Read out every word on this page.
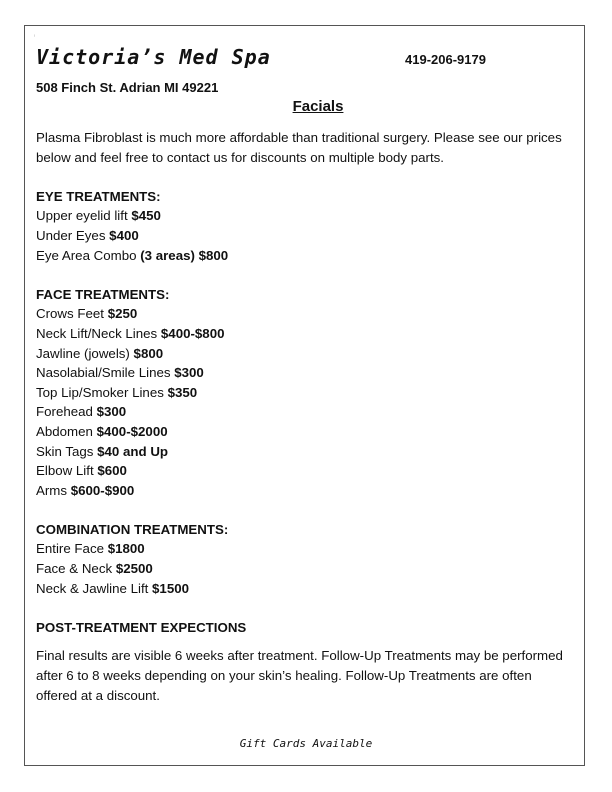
!
Victoria’s Med Spa	419-206-9179
508 Finch St. Adrian MI 49221
Facials

Plasma Fibroblast is much more affordable than traditional surgery. Please see our prices below and feel free to contact us for discounts on multiple body parts.

EYE TREATMENTS:

Upper eyelid lift $450

Under Eyes $400

Eye Area Combo (3 areas) $800

FACE TREATMENTS:

Crows Feet $250

Neck Lift/Neck Lines $400-$800

Jawline (jowels) $800

Nasolabial/Smile Lines $300

Top Lip/Smoker Lines $350

Forehead $300

Abdomen $400-$2000

Skin Tags $40 and Up

Elbow Lift $600

Arms $600-$900

COMBINATION TREATMENTS:

Entire Face $1800

Face & Neck $2500

Neck & Jawline Lift $1500

POST-TREATMENT EXPECTIONS

Final results are visible 6 weeks after treatment. Follow-Up Treatments may be performed after 6 to 8 weeks depending on your skin’s healing. Follow-Up Treatments are often offered at a discount.

Gift Cards Available
